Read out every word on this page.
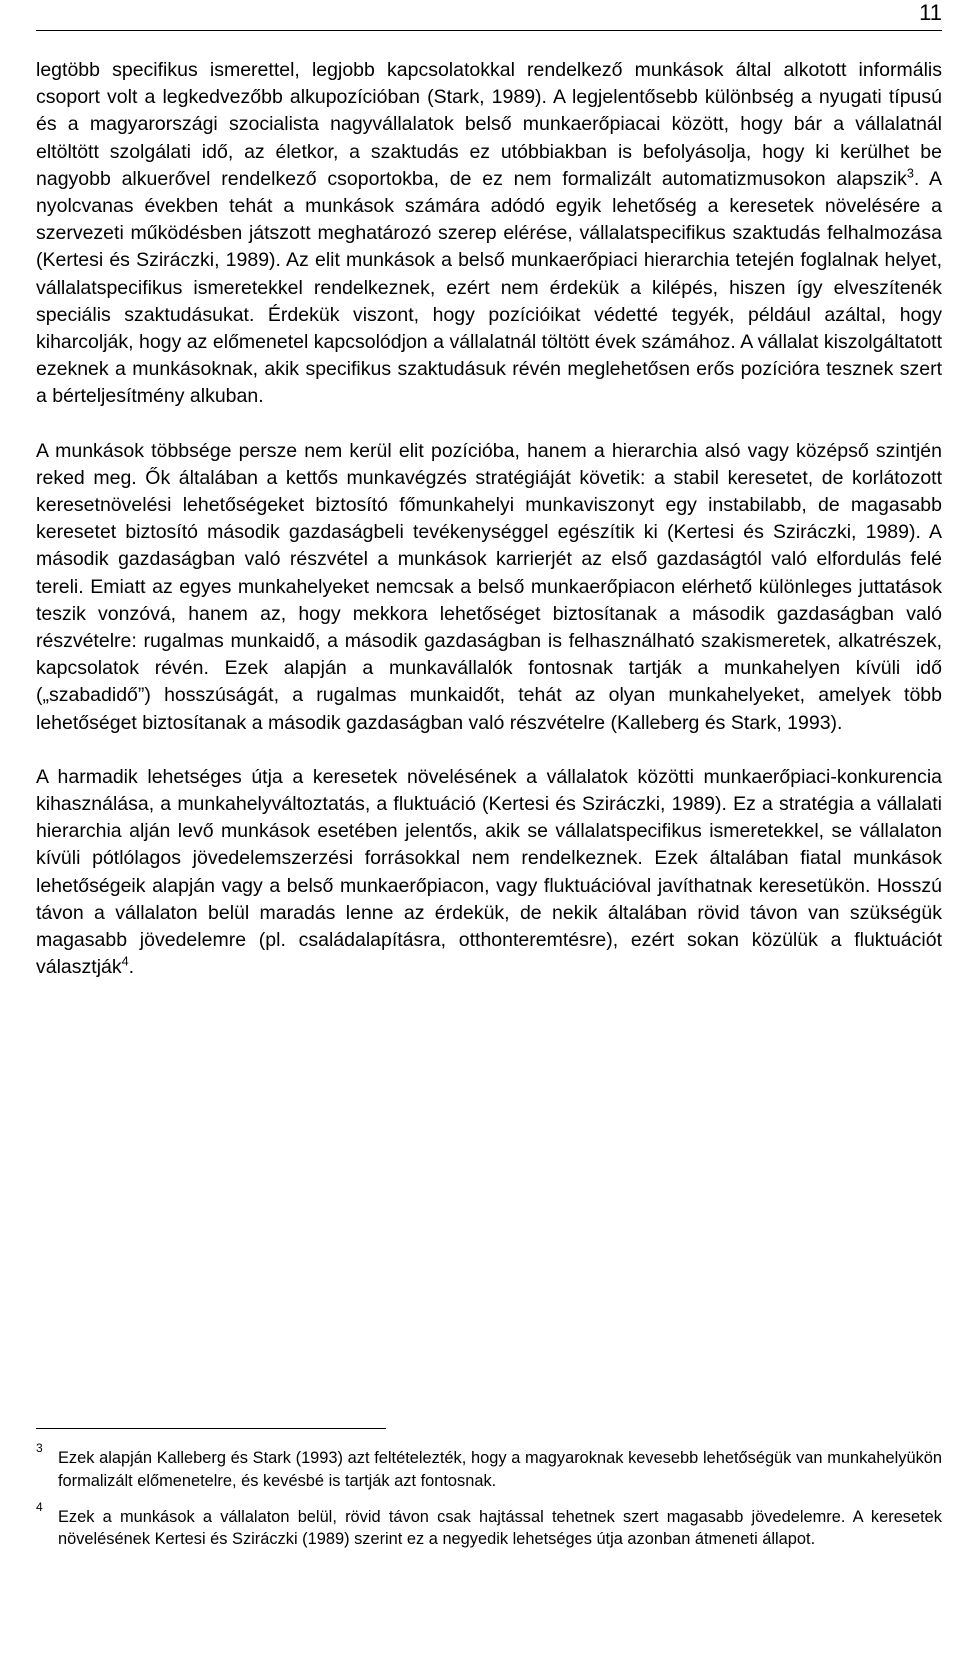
11

legtöbb specifikus ismerettel, legjobb kapcsolatokkal rendelkező munkások által alkotott informális csoport volt a legkedvezőbb alkupozícióban (Stark, 1989). A legjelentősebb különbség a nyugati típusú és a magyarországi szocialista nagyvállalatok belső munkaerőpiacai között, hogy bár a vállalatnál eltöltött szolgálati idő, az életkor, a szaktudás ez utóbbiakban is befolyásolja, hogy ki kerülhet be nagyobb alkuerővel rendelkező csoportokba, de ez nem formalizált automatizmusokon alapszik$^3$. A nyolcvanas években tehát a munkások számára adódó egyik lehetőség a keresetek növelésére a szervezeti működésben játszott meghatározó szerep elérése, vállalatspecifikus szaktudás felhalmozása (Kertesi és Sziráczki, 1989). Az elit munkások a belső munkaerőpiaci hierarchia tetején foglalnak helyet, vállalatspecifikus ismeretekkel rendelkeznek, ezért nem érdekük a kilépés, hiszen így elveszítenék speciális szaktudásukat. Érdekük viszont, hogy pozícióikat védetté tegyék, például azáltal, hogy kiharcolják, hogy az előmenetel kapcsolódjon a vállalatnál töltött évek számához. A vállalat kiszolgáltatott ezeknek a munkásoknak, akik specifikus szaktudásuk révén meglehetősen erős pozícióra tesznek szert a bérteljesítmény alkuban.

A munkások többsége persze nem kerül elit pozícióba, hanem a hierarchia alsó vagy középső szintjén reked meg. Ők általában a kettős munkavégzés stratégiáját követik: a stabil keresetet, de korlátozott keresetnövelési lehetőségeket biztosító főmunkahelyi munkaviszonyt egy instabilabb, de magasabb keresetet biztosító második gazdaságbeli tevékenységgel egészítik ki (Kertesi és Sziráczki, 1989). A második gazdaságban való részvétel a munkások karrierjét az első gazdaságtól való elfordulás felé tereli. Emiatt az egyes munkahelyeket nemcsak a belső munkaerőpiacon elérhető különleges juttatások teszik vonzóvá, hanem az, hogy mekkora lehetőséget biztosítanak a második gazdaságban való részvételre: rugalmas munkaidő, a második gazdaságban is felhasználható szakismeretek, alkatrészek, kapcsolatok révén. Ezek alapján a munkavállalók fontosnak tartják a munkahelyen kívüli idő („szabadidő”) hosszúságát, a rugalmas munkaidőt, tehát az olyan munkahelyeket, amelyek több lehetőséget biztosítanak a második gazdaságban való részvételre (Kalleberg és Stark, 1993).

A harmadik lehetséges útja a keresetek növelésének a vállalatok közötti munkaerőpiaci-konkurencia kihasználása, a munkahelyváltoztatás, a fluktuáció (Kertesi és Sziráczki, 1989). Ez a stratégia a vállalati hierarchia alján levő munkások esetében jelentős, akik se vállalatspecifikus ismeretekkel, se vállalaton kívüli pótlólagos jövedelemszerzési forrásokkal nem rendelkeznek. Ezek általában fiatal munkások lehetőségeik alapján vagy a belső munkaerőpiacon, vagy fluktuációval javíthatnak keresetükön. Hosszú távon a vállalaton belül maradás lenne az érdekük, de nekik általában rövid távon van szükségük magasabb jövedelemre (pl. családalapításra, otthonteremtésre), ezért sokan közülük a fluktuációt választják$^4$.

3
Ezek alapján Kalleberg és Stark (1993) azt feltételezték, hogy a magyaroknak kevesebb lehetőségük van munkahelyükön formalizált előmenetelre, és kevésbé is tartják azt fontosnak.

4
Ezek a munkások a vállalaton belül, rövid távon csak hajtással tehetnek szert magasabb jövedelemre. A keresetek növelésének Kertesi és Sziráczki (1989) szerint ez a negyedik lehetséges útja azonban átmeneti állapot.
